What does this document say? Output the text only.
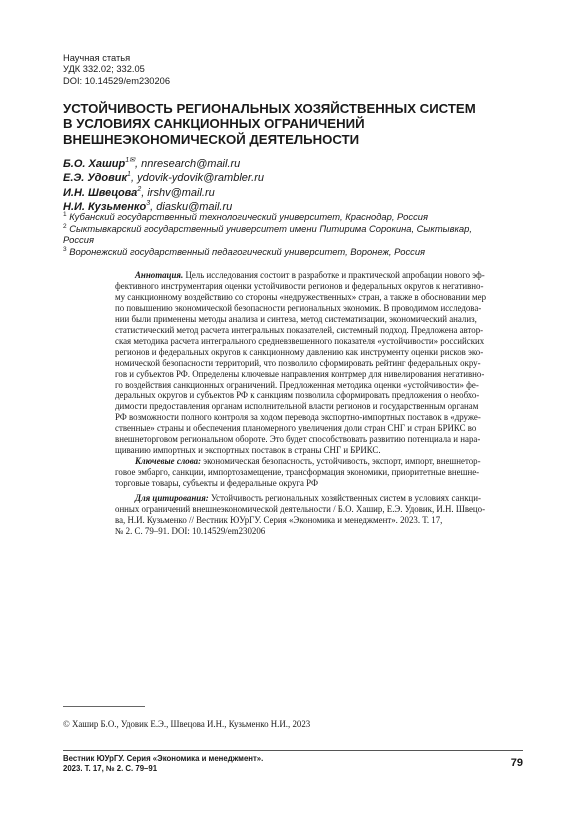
Научная статья
УДК 332.02; 332.05
DOI: 10.14529/em230206
УСТОЙЧИВОСТЬ РЕГИОНАЛЬНЫХ ХОЗЯЙСТВЕННЫХ СИСТЕМ
В УСЛОВИЯХ САНКЦИОННЫХ ОГРАНИЧЕНИЙ
ВНЕШНЕЭКОНОМИЧЕСКОЙ ДЕЯТЕЛЬНОСТИ
Б.О. Хашир$^{1✉}$, nnresearch@mail.ru
Е.Э. Удовик$^1$, ydovik-ydovik@rambler.ru
И.Н. Швецова$^2$, irshv@mail.ru
Н.И. Кузьменко$^3$, diasku@mail.ru
$^1$ Кубанский государственный технологический университет, Краснодар, Россия
$^2$ Сыктывкарский государственный университет имени Питирима Сорокина, Сыктывкар,
Россия
$^3$ Воронежский государственный педагогический университет, Воронеж, Россия
Аннотация. Цель исследования состоит в разработке и практической апробации нового эф-
фективного инструментария оценки устойчивости регионов и федеральных округов к негативно-
му санкционному воздействию со стороны «недружественных» стран, а также в обосновании мер
по повышению экономической безопасности региональных экономик. В проводимом исследова-
нии были применены методы анализа и синтеза, метод систематизации, экономический анализ,
статистический метод расчета интегральных показателей, системный подход. Предложена автор-
ская методика расчета интегрального средневзвешенного показателя «устойчивости» российских
регионов и федеральных округов к санкционному давлению как инструменту оценки рисков эко-
номической безопасности территорий, что позволило сформировать рейтинг федеральных окру-
гов и субъектов РФ. Определены ключевые направления контрмер для нивелирования негативно-
го воздействия санкционных ограничений. Предложенная методика оценки «устойчивости» фе-
деральных округов и субъектов РФ к санкциям позволила сформировать предложения о необхо-
димости предоставления органам исполнительной власти регионов и государственным органам
РФ возможности полного контроля за ходом перевода экспортно-импортных поставок в «друже-
ственные» страны и обеспечения планомерного увеличения доли стран СНГ и стран БРИКС во
внешнеторговом региональном обороте. Это будет способствовать развитию потенциала и нара-
щиванию импортных и экспортных поставок в страны СНГ и БРИКС.
Ключевые слова: экономическая безопасность, устойчивость, экспорт, импорт, внешнетор-
говое эмбарго, санкции, импортозамещение, трансформация экономики, приоритетные внешне-
торговые товары, субъекты и федеральные округа РФ
Для цитирования: Устойчивость региональных хозяйственных систем в условиях санкци-
онных ограничений внешнеэкономической деятельности / Б.О. Хашир, Е.Э. Удовик, И.Н. Швецо-
ва, Н.И. Кузьменко // Вестник ЮУрГУ. Серия «Экономика и менеджмент». 2023. Т. 17,
№ 2. С. 79–91. DOI: 10.14529/em230206
© Хашир Б.О., Удовик Е.Э., Швецова И.Н., Кузьменко Н.И., 2023
Вестник ЮУрГУ. Серия «Экономика и менеджмент».
2023. Т. 17, № 2. С. 79–91	79
